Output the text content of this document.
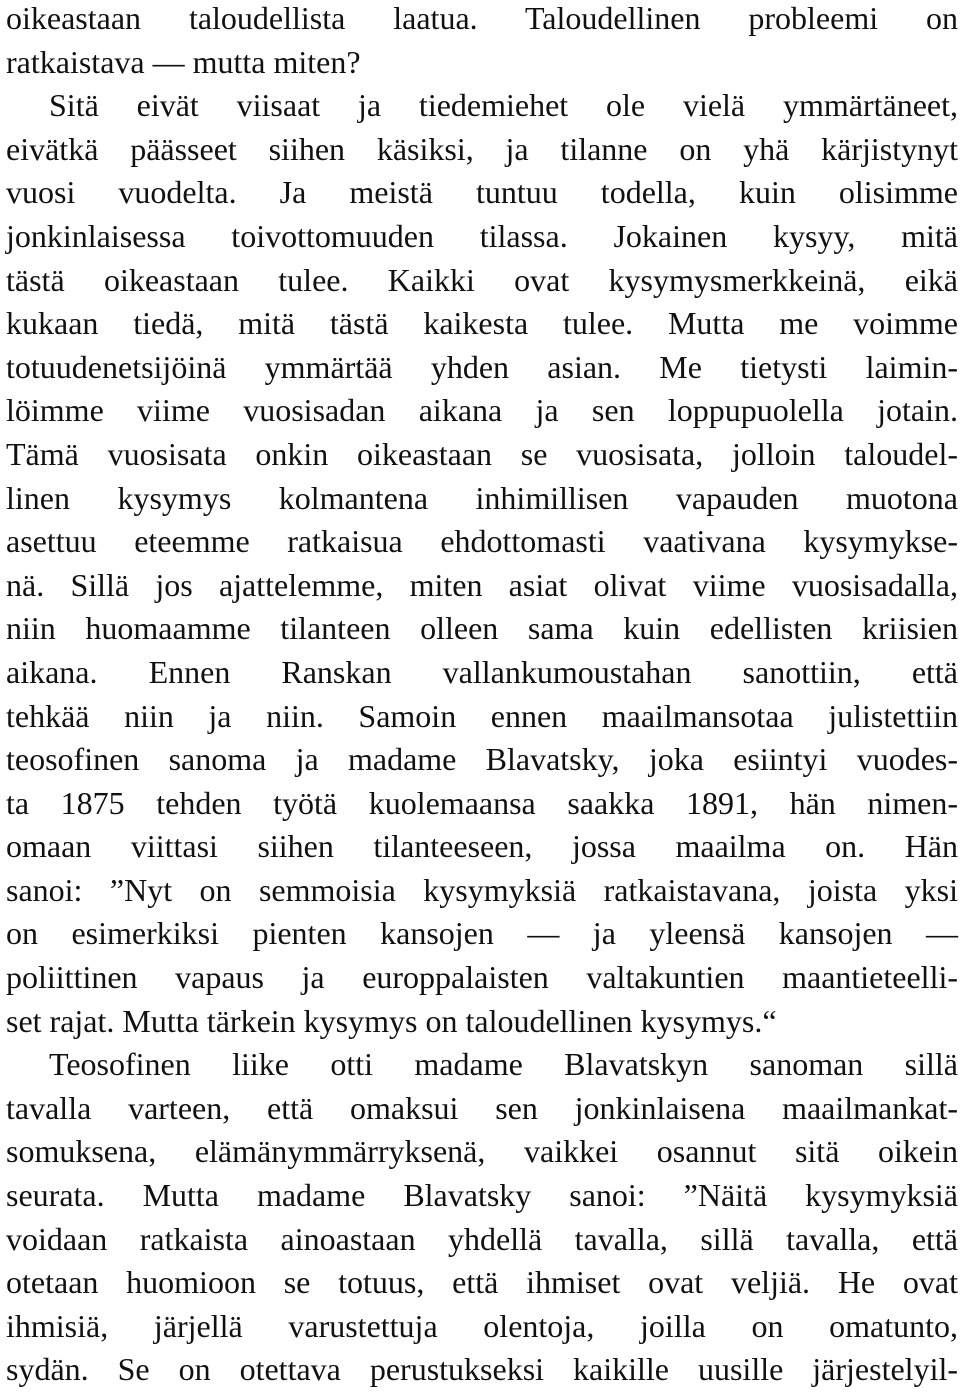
oikeastaan taloudellista laatua. Taloudellinen probleemi on
ratkaistava — mutta miten?
Sitä eivät viisaat ja tiedemiehet ole vielä ymmärtäneet,
eivätkä päässeet siihen käsiksi, ja tilanne on yhä kärjistynyt
vuosi vuodelta. Ja meistä tuntuu todella, kuin olisimme
jonkinlaisessa toivottomuuden tilassa. Jokainen kysyy, mitä
tästä oikeastaan tulee. Kaikki ovat kysymysmerkkeinä, eikä
kukaan tiedä, mitä tästä kaikesta tulee. Mutta me voimme
totuudenetsijöinä ymmärtää yhden asian. Me tietysti laimin-
löimme viime vuosisadan aikana ja sen loppupuolella jotain.
Tämä vuosisata onkin oikeastaan se vuosisata, jolloin taloudel-
linen kysymys kolmantena inhimillisen vapauden muotona
asettuu eteemme ratkaisua ehdottomasti vaativana kysymykse-
nä. Sillä jos ajattelemme, miten asiat olivat viime vuosisadalla,
niin huomaamme tilanteen olleen sama kuin edellisten kriisien
aikana. Ennen Ranskan vallankumoustahan sanottiin, että
tehkää niin ja niin. Samoin ennen maailmansotaa julistettiin
teosofinen sanoma ja madame Blavatsky, joka esiintyi vuodes-
ta 1875 tehden työtä kuolemaansa saakka 1891, hän nimen-
omaan viittasi siihen tilanteeseen, jossa maailma on. Hän
sanoi: ”Nyt on semmoisia kysymyksiä ratkaistavana, joista yksi
on esimerkiksi pienten kansojen — ja yleensä kansojen —
poliittinen vapaus ja europpalaisten valtakuntien maantieteelli-
set rajat. Mutta tärkein kysymys on taloudellinen kysymys.“
Teosofinen liike otti madame Blavatskyn sanoman sillä
tavalla varteen, että omaksui sen jonkinlaisena maailmankat-
somuksena, elämänymmärryksenä, vaikkei osannut sitä oikein
seurata. Mutta madame Blavatsky sanoi: ”Näitä kysymyksiä
voidaan ratkaista ainoastaan yhdellä tavalla, sillä tavalla, että
otetaan huomioon se totuus, että ihmiset ovat veljiä. He ovat
ihmisiä, järjellä varustettuja olentoja, joilla on omatunto,
sydän. Se on otettava perustukseksi kaikille uusille järjestelyil-
